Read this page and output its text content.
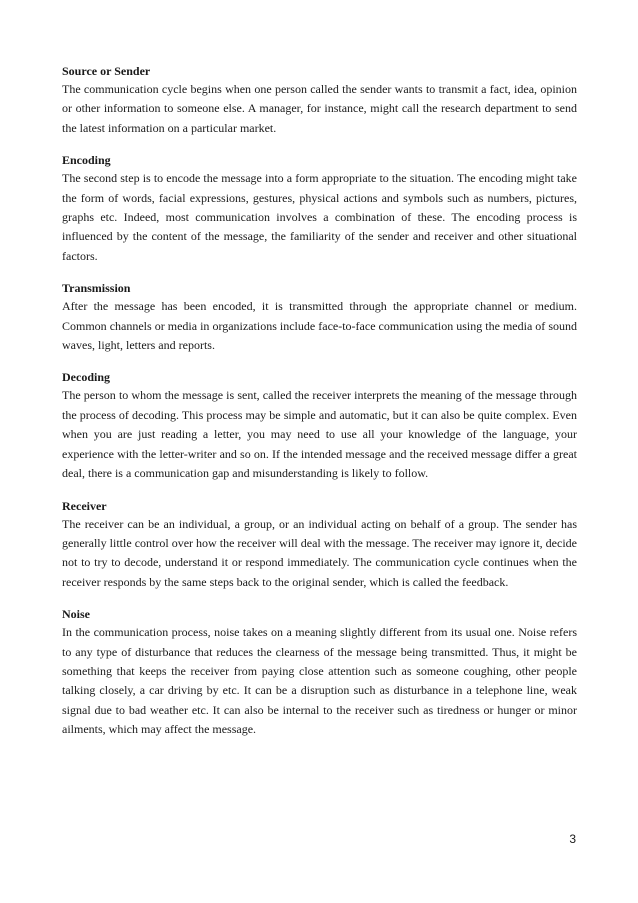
Source or Sender

The communication cycle begins when one person called the sender wants to transmit a fact, idea, opinion or other information to someone else. A manager, for instance, might call the research department to send the latest information on a particular market.

Encoding

The second step is to encode the message into a form appropriate to the situation. The encoding might take the form of words, facial expressions, gestures, physical actions and symbols such as numbers, pictures, graphs etc. Indeed, most communication involves a combination of these. The encoding process is influenced by the content of the message, the familiarity of the sender and receiver and other situational factors.

Transmission

After the message has been encoded, it is transmitted through the appropriate channel or medium. Common channels or media in organizations include face-to-face communication using the media of sound waves, light, letters and reports.

Decoding

The person to whom the message is sent, called the receiver interprets the meaning of the message through the process of decoding. This process may be simple and automatic, but it can also be quite complex. Even when you are just reading a letter, you may need to use all your knowledge of the language, your experience with the letter-writer and so on. If the intended message and the received message differ a great deal, there is a communication gap and misunderstanding is likely to follow.

Receiver

The receiver can be an individual, a group, or an individual acting on behalf of a group. The sender has generally little control over how the receiver will deal with the message. The receiver may ignore it, decide not to try to decode, understand it or respond immediately. The communication cycle continues when the receiver responds by the same steps back to the original sender, which is called the feedback.

Noise

In the communication process, noise takes on a meaning slightly different from its usual one. Noise refers to any type of disturbance that reduces the clearness of the message being transmitted. Thus, it might be something that keeps the receiver from paying close attention such as someone coughing, other people talking closely, a car driving by etc. It can be a disruption such as disturbance in a telephone line, weak signal due to bad weather etc. It can also be internal to the receiver such as tiredness or hunger or minor ailments, which may affect the message.

3
